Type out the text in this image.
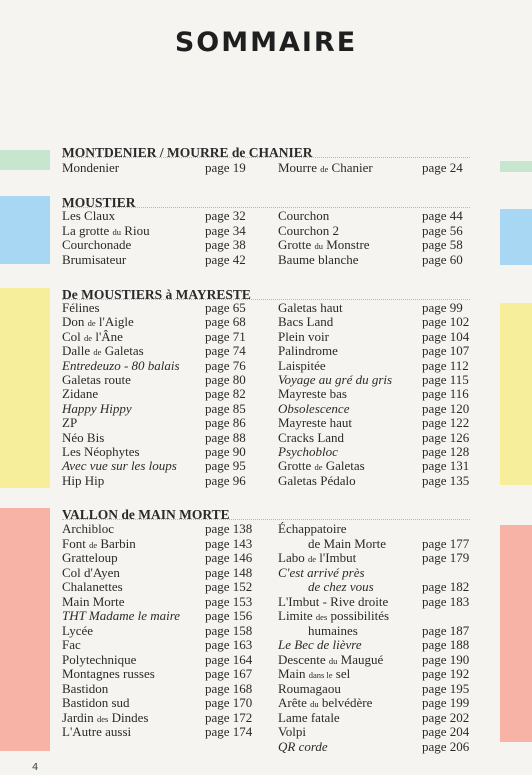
SOMMAIRE
MONTDENIER / MOURRE de CHANIER
Mondenier	page 19 Mourre de Chanier	page 24
MOUSTIER
Les Claux	page 32 Courchon	page 44
La grotte du Riou	page 34 Courchon 2	page 56
Courchonade	page 38 Grotte du Monstre	page 58
Brumisateur	page 42 Baume blanche	page 60
De MOUSTIERS à MAYRESTE
Félines	page 65 Galetas haut	page 99
Don de l'Aigle	page 68 Bacs Land	page 102
Col de l'Âne	page 71 Plein voir	page 104
Dalle de Galetas	page 74 Palindrome	page 107
Entredeuzo - 80 balais page 76 Laispitée	page 112
Galetas route	page 80 Voyage au gré du gris page 115
Zidane	page 82 Mayreste bas	page 116
Happy Hippy	page 85 Obsolescence	page 120
ZP	page 86 Mayreste haut	page 122
Néo Bis	page 88 Cracks Land	page 126
Les Néophytes	page 90 Psychobloc	page 128
Avec vue sur les loups page 95 Grotte de Galetas	page 131
Hip Hip	page 96 Galetas Pédalo	page 135
VALLON de MAIN MORTE
Archibloc	page 138 Échappatoire
Font de Barbin	page 143	de Main Morte	page 177
Gratteloup	page 146 Labo de l'Imbut	page 179
Col d'Ayen	page 148 C'est arrivé près
Chalanettes	page 152	de chez vous	page 182
Main Morte	page 153 L'Imbut - Rive droite	page 183
THT Madame le maire page 156 Limite des possibilités
Lycée	page 158	humaines	page 187
Fac	page 163 Le Bec de lièvre	page 188
Polytechnique	page 164 Descente du Maugué	page 190
Montagnes russes	page 167 Main dans le sel	page 192
Bastidon	page 168 Roumagaou	page 195
Bastidon sud	page 170 Arête du belvédère	page 199
Jardin des Dindes	page 172 Lame fatale	page 202
L'Autre aussi	page 174 Volpi	page 204
QR corde	page 206
4
